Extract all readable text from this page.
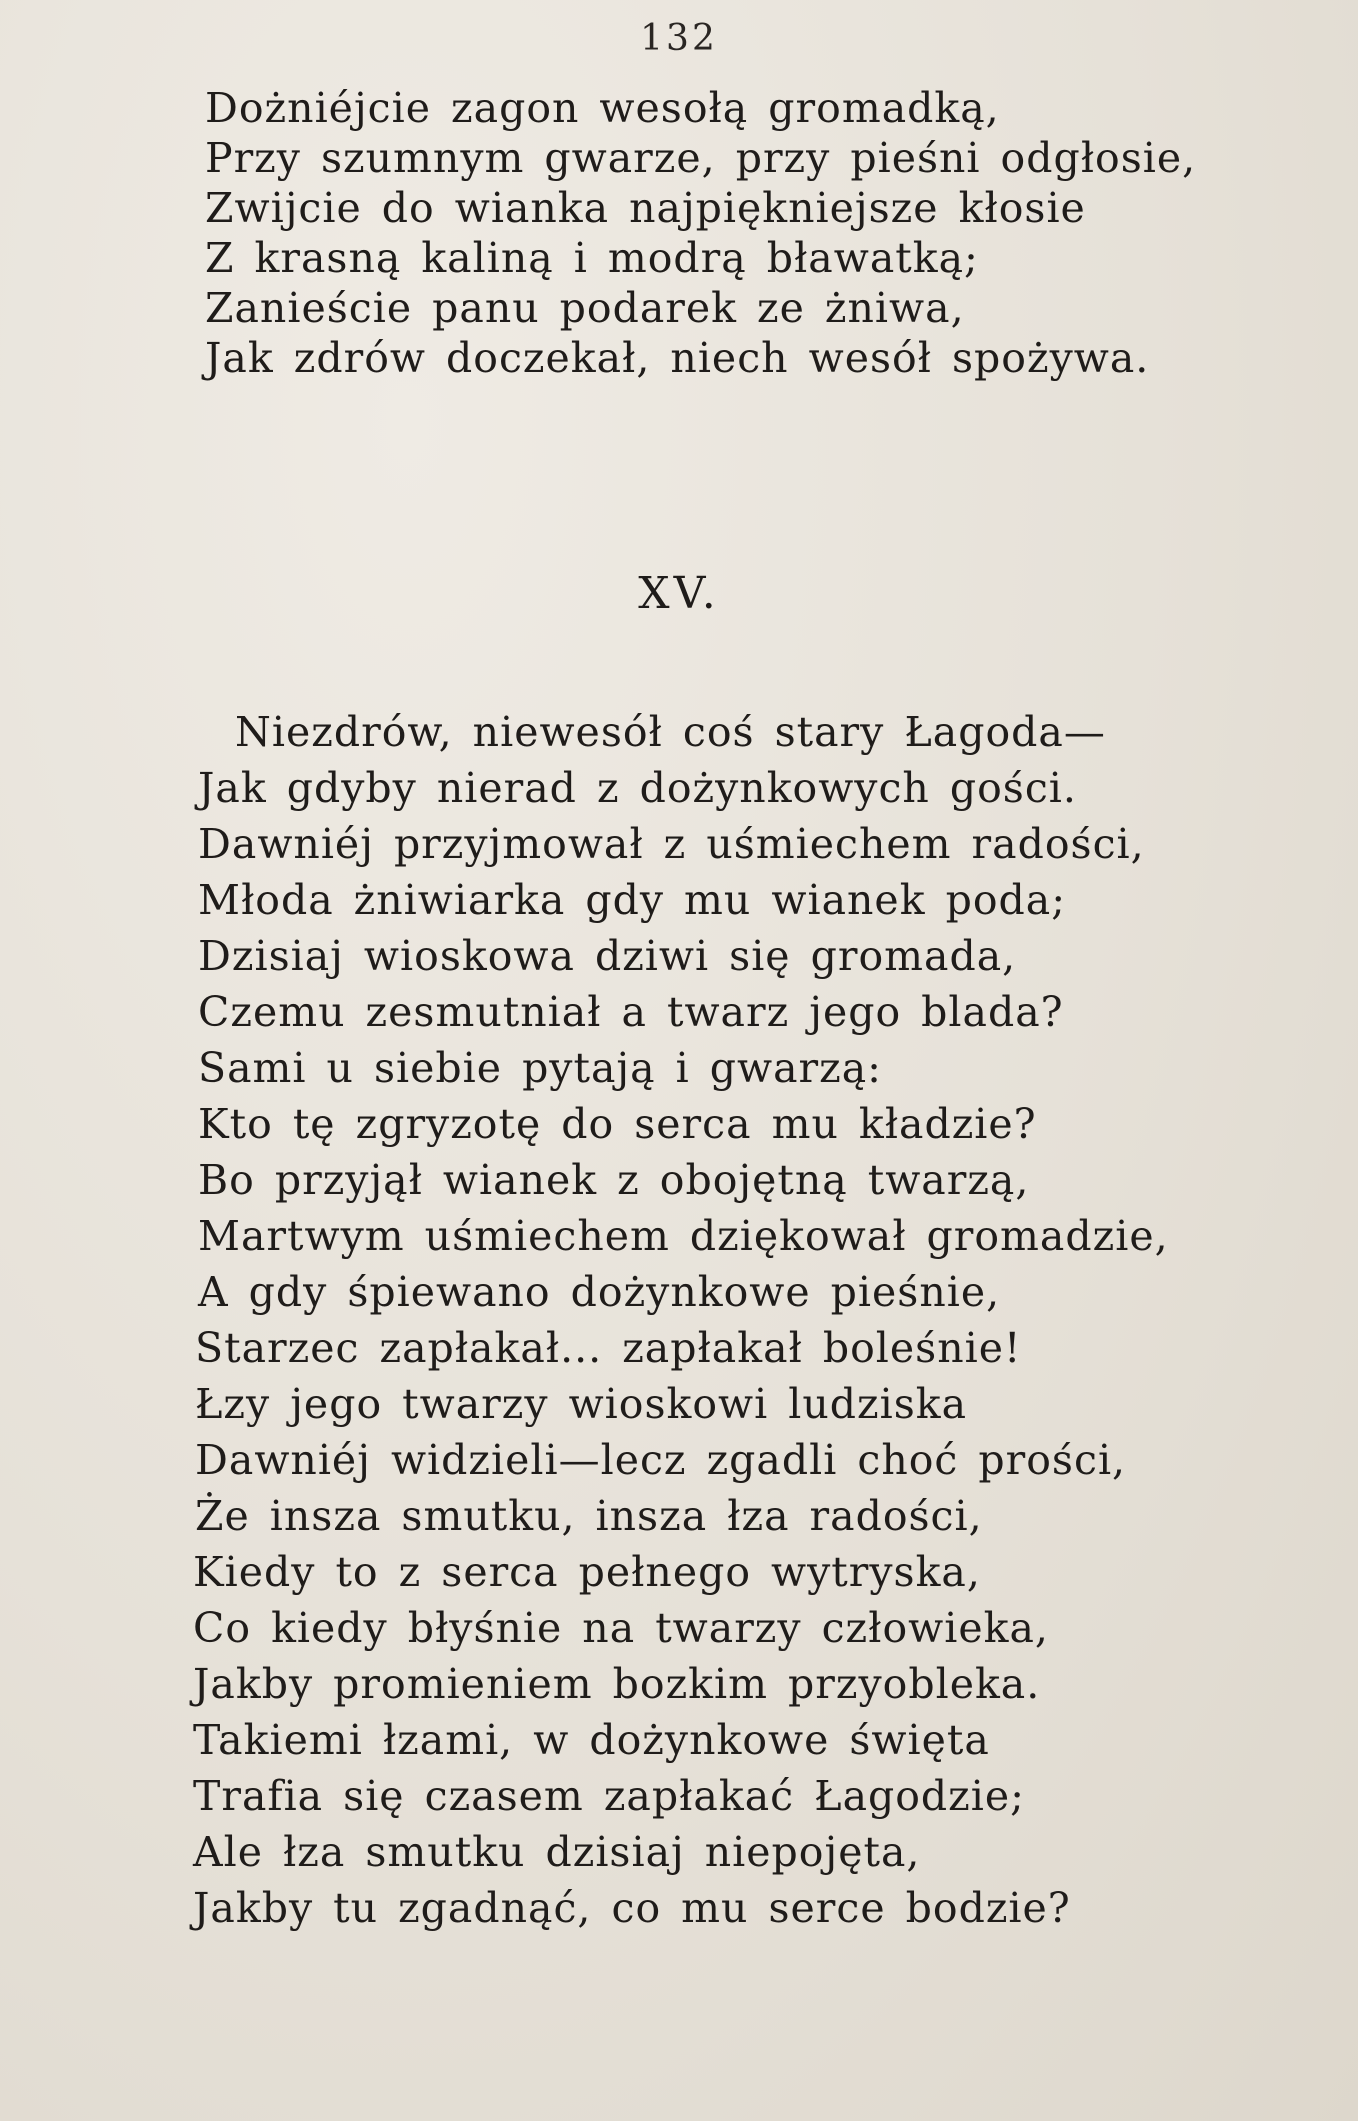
132
Dożniéjcie zagon wesołą gromadką,
Przy szumnym gwarze, przy pieśni odgłosie,
Zwijcie do wianka najpiękniejsze kłosie
Z krasną kaliną i modrą bławatką;
Zanieście panu podarek ze żniwa,
Jak zdrów doczekał, niech wesół spożywa.
XV.
Niezdrów, niewesół coś stary Łagoda—
Jak gdyby nierad z dożynkowych gości.
Dawniéj przyjmował z uśmiechem radości,
Młoda żniwiarka gdy mu wianek poda;
Dzisiaj wioskowa dziwi się gromada,
Czemu zesmutniał a twarz jego blada?
Sami u siebie pytają i gwarzą:
Kto tę zgryzotę do serca mu kładzie?
Bo przyjął wianek z obojętną twarzą,
Martwym uśmiechem dziękował gromadzie,
A gdy śpiewano dożynkowe pieśnie,
Starzec zapłakał... zapłakał boleśnie!
Łzy jego twarzy wioskowi ludziska
Dawniéj widzieli—lecz zgadli choć prości,
Że insza smutku, insza łza radości,
Kiedy to z serca pełnego wytryska,
Co kiedy błyśnie na twarzy człowieka,
Jakby promieniem bozkim przyobleka.
Takiemi łzami, w dożynkowe święta
Trafia się czasem zapłakać Łagodzie;
Ale łza smutku dzisiaj niepojęta,
Jakby tu zgadnąć, co mu serce bodzie?
